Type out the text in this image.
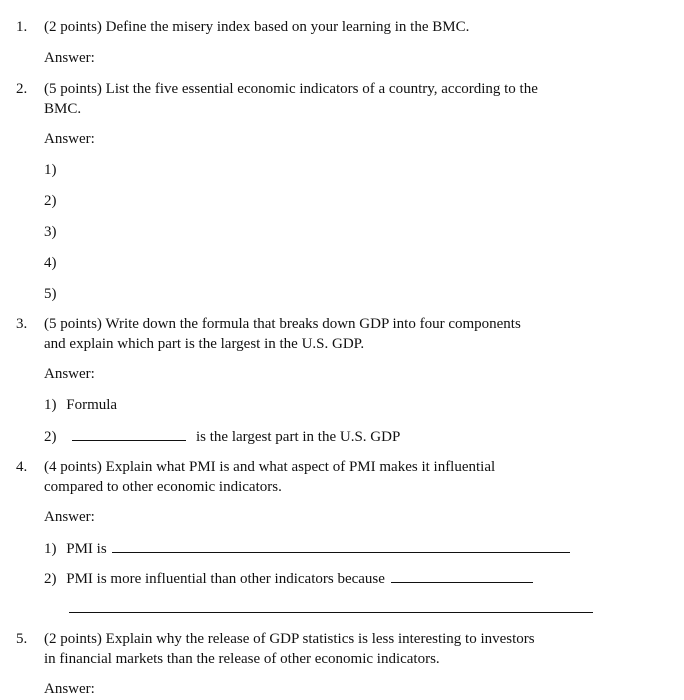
1. (2 points) Define the misery index based on your learning in the BMC.
Answer:
2. (5 points) List the five essential economic indicators of a country, according to the
BMC.
Answer:
1)
2)
3)
4)
5)
3. (5 points) Write down the formula that breaks down GDP into four components
and explain which part is the largest in the U.S. GDP.
Answer:
1) Formula
2)	is the largest part in the U.S. GDP
4. (4 points) Explain what PMI is and what aspect of PMI makes it influential
compared to other economic indicators.
Answer:
1) PMI is
2) PMI is more influential than other indicators because
5. (2 points) Explain why the release of GDP statistics is less interesting to investors
in financial markets than the release of other economic indicators.
Answer:
